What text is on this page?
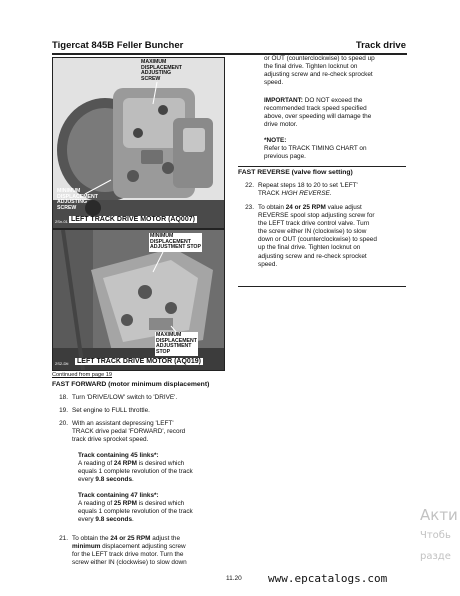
Tigercat 845B Feller Buncher	Track drive
MAXIMUM
DISPLACEMENT
ADJUSTING
SCREW
MINIMUM
DISPLACEMENT
ADJUSTING
SCREW
2Sn-01 LEFT TRACK DRIVE MOTOR (AQ007)
MINIMUM
DISPLACEMENT
ADJUSTMENT STOP
MAXIMUM
DISPLACEMENT
ADJUSTMENT
STOP
2S2-Dti LEFT TRACK DRIVE MOTOR (AQ019)
Continued from page 19
FAST FORWARD (motor minimum displacement)
18. Turn 'DRIVE/LOW' switch to 'DRIVE'.
19. Set engine to FULL throttle.
20. With an assistant depressing 'LEFT'
TRACK drive pedal 'FORWARD', record
track drive sprocket speed.
Track containing 45 links*:
A reading of 24 RPM is desired which
equals 1 complete revolution of the track
every 9.8 seconds.
Track containing 47 links*:
A reading of 25 RPM is desired which
equals 1 complete revolution of the track
every 9.8 seconds.
21. To obtain the 24 or 25 RPM adjust the
minimum displacement adjusting screw
for the LEFT track drive motor. Turn the
screw either IN (clockwise) to slow down
or OUT (counterclockwise) to speed up
the final drive. Tighten locknut on
adjusting screw and re-check sprocket
speed.
IMPORTANT: DO NOT exceed the
recommended track speed specified
above, over speeding will damage the
drive motor.
*NOTE:
Refer to TRACK TIMING CHART on
previous page.
FAST REVERSE (valve flow setting)
22. Repeat steps 18 to 20 to set 'LEFT'
TRACK HIGH REVERSE.
23. To obtain 24 or 25 RPM value adjust
REVERSE spool stop adjusting screw for
the LEFT track drive control valve. Turn
the screw either IN (clockwise) to slow
down or OUT (counterclockwise) to speed
up the final drive. Tighten locknut on
adjusting screw and re-check sprocket
speed.
11.20 www.epcatalogs.com
Акти
Чтобь
разде
